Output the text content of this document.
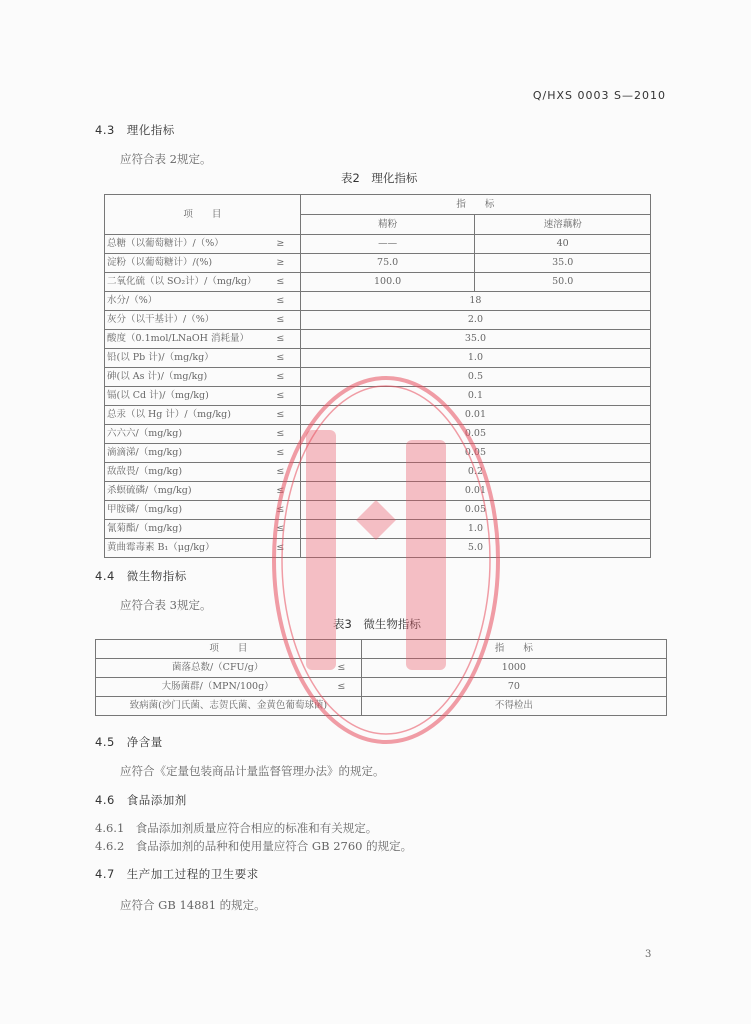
Q/HXS 0003 S—2010
4.3　理化指标
应符合表 2规定。
表2　理化指标
项　　目		指　　标	
		精粉	速溶藕粉
总糖（以葡萄糖计）/（%）	≥	——	40
淀粉（以葡萄糖计）/(%)	≥	75.0	35.0
二氧化硫（以 SO₂计）/（mg/kg）	≤	100.0	50.0
水分/（%）	≤	18	
灰分（以干基计）/（%）	≤	2.0	
酸度（0.1mol/LNaOH 消耗量）	≤	35.0	
铅(以 Pb 计)/（mg/kg）	≤	1.0	
砷(以 As 计)/（mg/kg)	≤	0.5	
镉(以 Cd 计)/（mg/kg)	≤	0.1	
总汞（以 Hg 计）/（mg/kg)	≤	0.01	
六六六/（mg/kg)	≤	0.05	
滴滴涕/（mg/kg)	≤	0.05	
敌敌畏/（mg/kg)	≤	0.2	
杀螟硫磷/（mg/kg)	≤	0.01	
甲胺磷/（mg/kg)	≤	0.05	
氰菊酯/（mg/kg)	≤	1.0	
黄曲霉毒素 B₁（μg/kg）	≤	5.0	
4.4　微生物指标
应符合表 3规定。
表3　微生物指标
项　　目		指　　标
菌落总数/（CFU/g）	≤	1000
大肠菌群/（MPN/100g）	≤	70
致病菌(沙门氏菌、志贺氏菌、金黄色葡萄球菌)		不得检出
4.5　净含量
应符合《定量包装商品计量监督管理办法》的规定。
4.6　食品添加剂
4.6.1　食品添加剂质量应符合相应的标准和有关规定。
4.6.2　食品添加剂的品种和使用量应符合 GB 2760 的规定。
4.7　生产加工过程的卫生要求
应符合 GB 14881 的规定。
3
